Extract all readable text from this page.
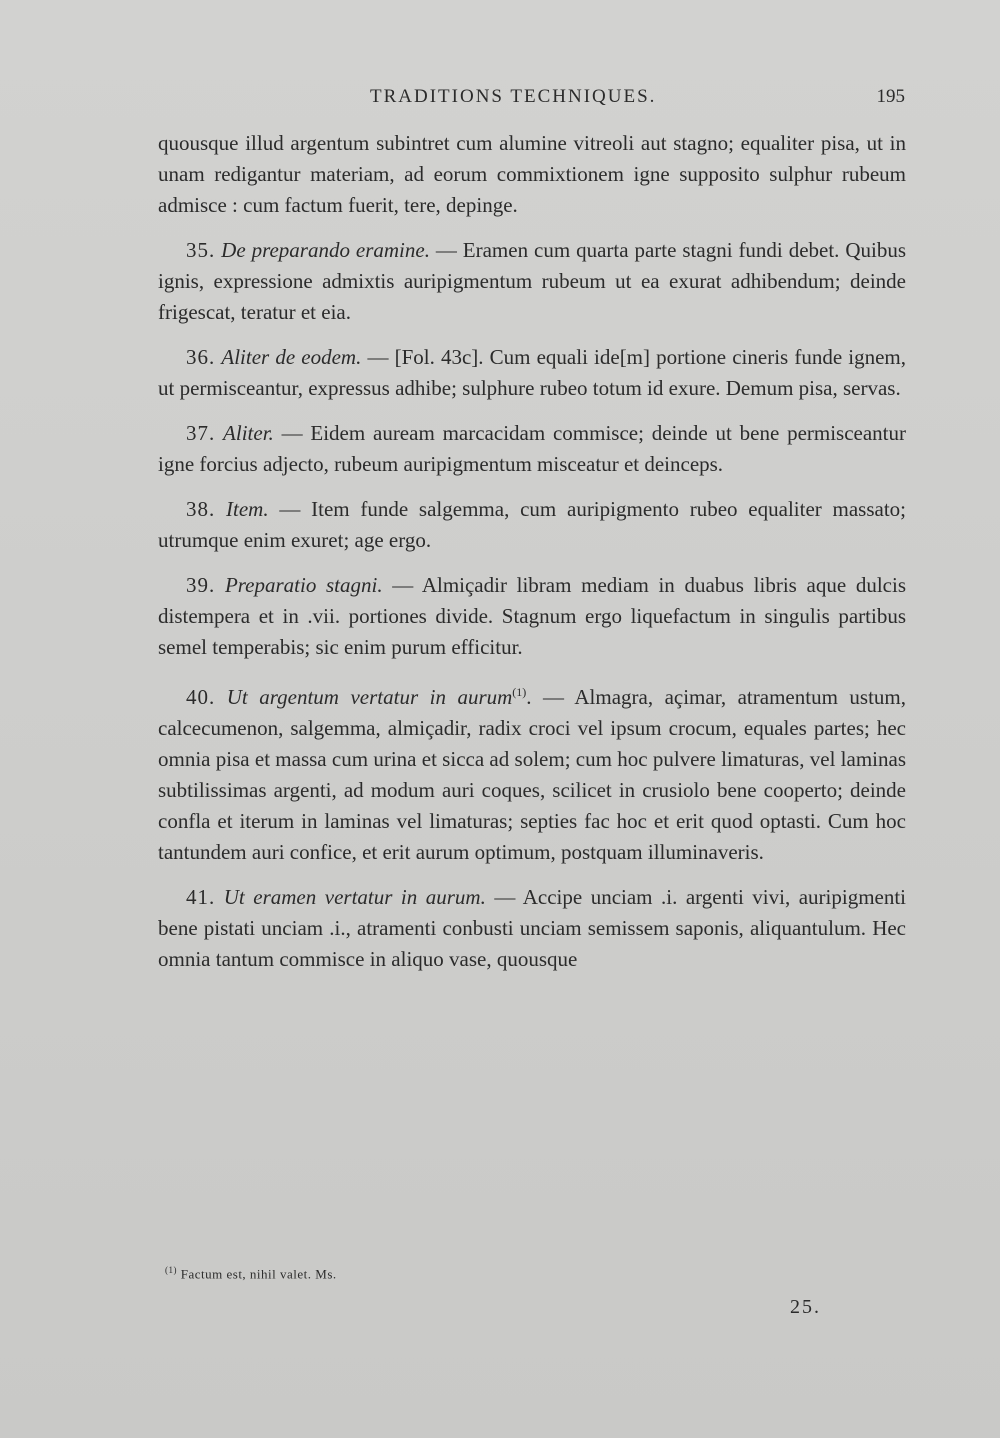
TRADITIONS TECHNIQUES.	195

quousque illud argentum subintret cum alumine vitreoli aut stagno; equaliter pisa, ut in unam redigantur materiam, ad eorum commixtionem igne supposito sulphur rubeum admisce : cum factum fuerit, tere, depinge.

35. De preparando eramine. — Eramen cum quarta parte stagni fundi debet. Quibus ignis, expressione admixtis auripigmentum rubeum ut ea exurat adhibendum; deinde frigescat, teratur et eia.

36. Aliter de eodem. — [Fol. 43c]. Cum equali ide[m] portione cineris funde ignem, ut permisceantur, expressus adhibe; sulphure rubeo totum id exure. Demum pisa, servas.

37. Aliter. — Eidem auream marcacidam commisce; deinde ut bene permisceantur igne forcius adjecto, rubeum auripigmentum misceatur et deinceps.

38. Item. — Item funde salgemma, cum auripigmento rubeo equaliter massato; utrumque enim exuret; age ergo.

39. Preparatio stagni. — Almiçadir libram mediam in duabus libris aque dulcis distempera et in .vii. portiones divide. Stagnum ergo liquefactum in singulis partibus semel temperabis; sic enim purum efficitur.

40. Ut argentum vertatur in aurum$^{(1)}$. — Almagra, açimar, atramentum ustum, calcecumenon, salgemma, almiçadir, radix croci vel ipsum crocum, equales partes; hec omnia pisa et massa cum urina et sicca ad solem; cum hoc pulvere limaturas, vel laminas subtilissimas argenti, ad modum auri coques, scilicet in crusiolo bene cooperto; deinde confla et iterum in laminas vel limaturas; septies fac hoc et erit quod optasti. Cum hoc tantundem auri confice, et erit aurum optimum, postquam illuminaveris.

41. Ut eramen vertatur in aurum. — Accipe unciam .i. argenti vivi, auripigmenti bene pistati unciam .i., atramenti conbusti unciam semissem saponis, aliquantulum. Hec omnia tantum commisce in aliquo vase, quousque

$^{(1)}$ Factum est, nihil valet. Ms.
25.
